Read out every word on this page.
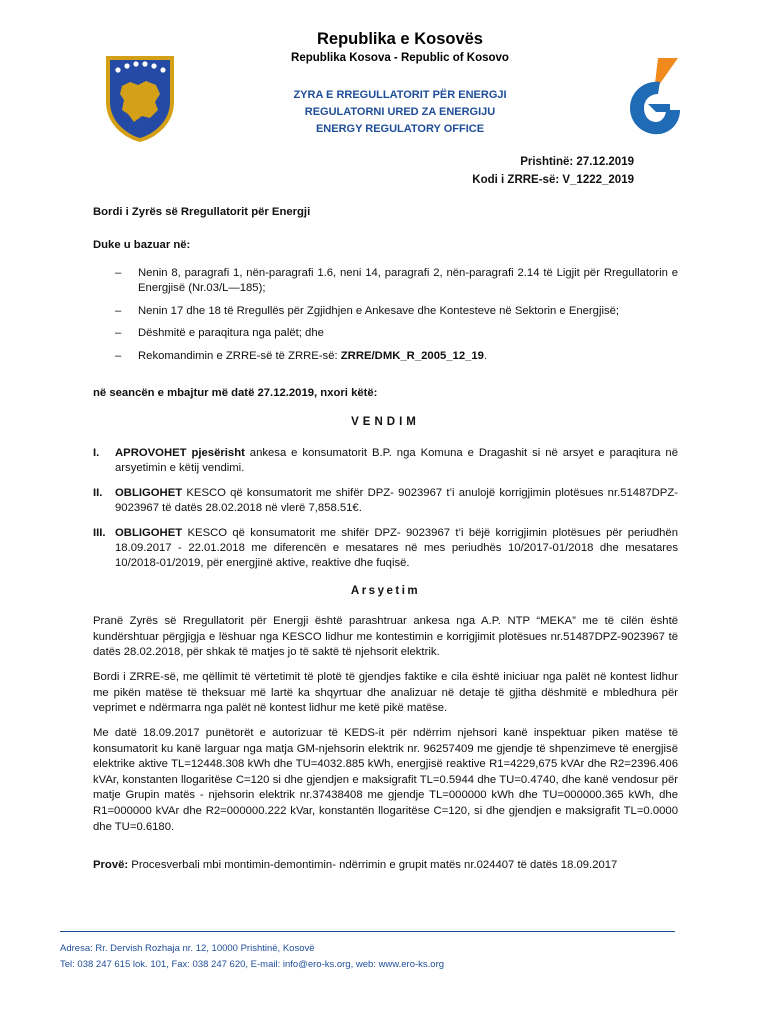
Republika e Kosovës
Republika Kosova - Republic of Kosovo
ZYRA E RREGULLATORIT PËR ENERGJI
REGULATORNI URED ZA ENERGIJU
ENERGY REGULATORY OFFICE
Prishtinë: 27.12.2019
Kodi i ZRRE-së: V_1222_2019
Bordi i Zyrës së Rregullatorit për Energji
Duke u bazuar në:
– Nenin 8, paragrafi 1, nën-paragrafi 1.6, neni 14, paragrafi 2, nën-paragrafi 2.14 të Ligjit për Rregullatorin e Energjisë (Nr.03/L—185);
– Nenin 17 dhe 18 të Rregullës për Zgjidhjen e Ankesave dhe Kontesteve në Sektorin e Energjisë;
– Dëshmitë e paraqitura nga palët; dhe
– Rekomandimin e ZRRE-së të ZRRE-së: ZRRE/DMK_R_2005_12_19.
në seancën e mbajtur më datë 27.12.2019, nxori këtë:
VENDIM
I. APROVOHET pjesërisht ankesa e konsumatorit B.P. nga Komuna e Dragashit si në arsyet e paraqitura në arsyetimin e këtij vendimi.
II. OBLIGOHET KESCO që konsumatorit me shifër DPZ- 9023967 t’i anulojë korrigjimin plotësues nr.51487DPZ-9023967 të datës 28.02.2018 në vlerë 7,858.51€.
III. OBLIGOHET KESCO që konsumatorit me shifër DPZ- 9023967 t’i bëjë korrigjimin plotësues për periudhën 18.09.2017 - 22.01.2018 me diferencën e mesatares në mes periudhës 10/2017-01/2018 dhe mesatares 10/2018-01/2019, për energjinë aktive, reaktive dhe fuqisë.
Arsyetim

Pranë Zyrës së Rregullatorit për Energji është parashtruar ankesa nga A.P. NTP “MEKA” me të cilën është kundërshtuar përgjigja e lëshuar nga KESCO lidhur me kontestimin e korrigjimit plotësues nr.51487DPZ-9023967 të datës 28.02.2018, për shkak të matjes jo të saktë të njehsorit elektrik.

Bordi i ZRRE-së, me qëllimit të vërtetimit të plotë të gjendjes faktike e cila është iniciuar nga palët në kontest lidhur me pikën matëse të theksuar më lartë ka shqyrtuar dhe analizuar në detaje të gjitha dëshmitë e mbledhura për veprimet e ndërmarra nga palët në kontest lidhur me ketë pikë matëse.

Me datë 18.09.2017 punëtorët e autorizuar të KEDS-it për ndërrim njehsori kanë inspektuar piken matëse të konsumatorit ku kanë larguar nga matja GM-njehsorin elektrik nr. 96257409 me gjendje të shpenzimeve të energjisë elektrike aktive TL=12448.308 kWh dhe TU=4032.885 kWh, energjisë reaktive R1=4229,675 kVAr dhe R2=2396.406 kVAr, konstanten llogaritëse C=120 si dhe gjendjen e maksigrafit TL=0.5944 dhe TU=0.4740, dhe kanë vendosur për matje Grupin matës - njehsorin elektrik nr.37438408 me gjendje TL=000000 kWh dhe TU=000000.365 kWh, dhe R1=000000 kVAr dhe R2=000000.222 kVar, konstantën llogaritëse C=120, si dhe gjendjen e maksigrafit TL=0.0000 dhe TU=0.6180.

Provë: Procesverbali mbi montimin-demontimin- ndërrimin e grupit matës nr.024407 të datës 18.09.2017

Adresa: Rr. Dervish Rozhaja nr. 12, 10000 Prishtinë, Kosovë
Tel: 038 247 615 lok. 101, Fax: 038 247 620, E-mail: info@ero-ks.org, web: www.ero-ks.org
